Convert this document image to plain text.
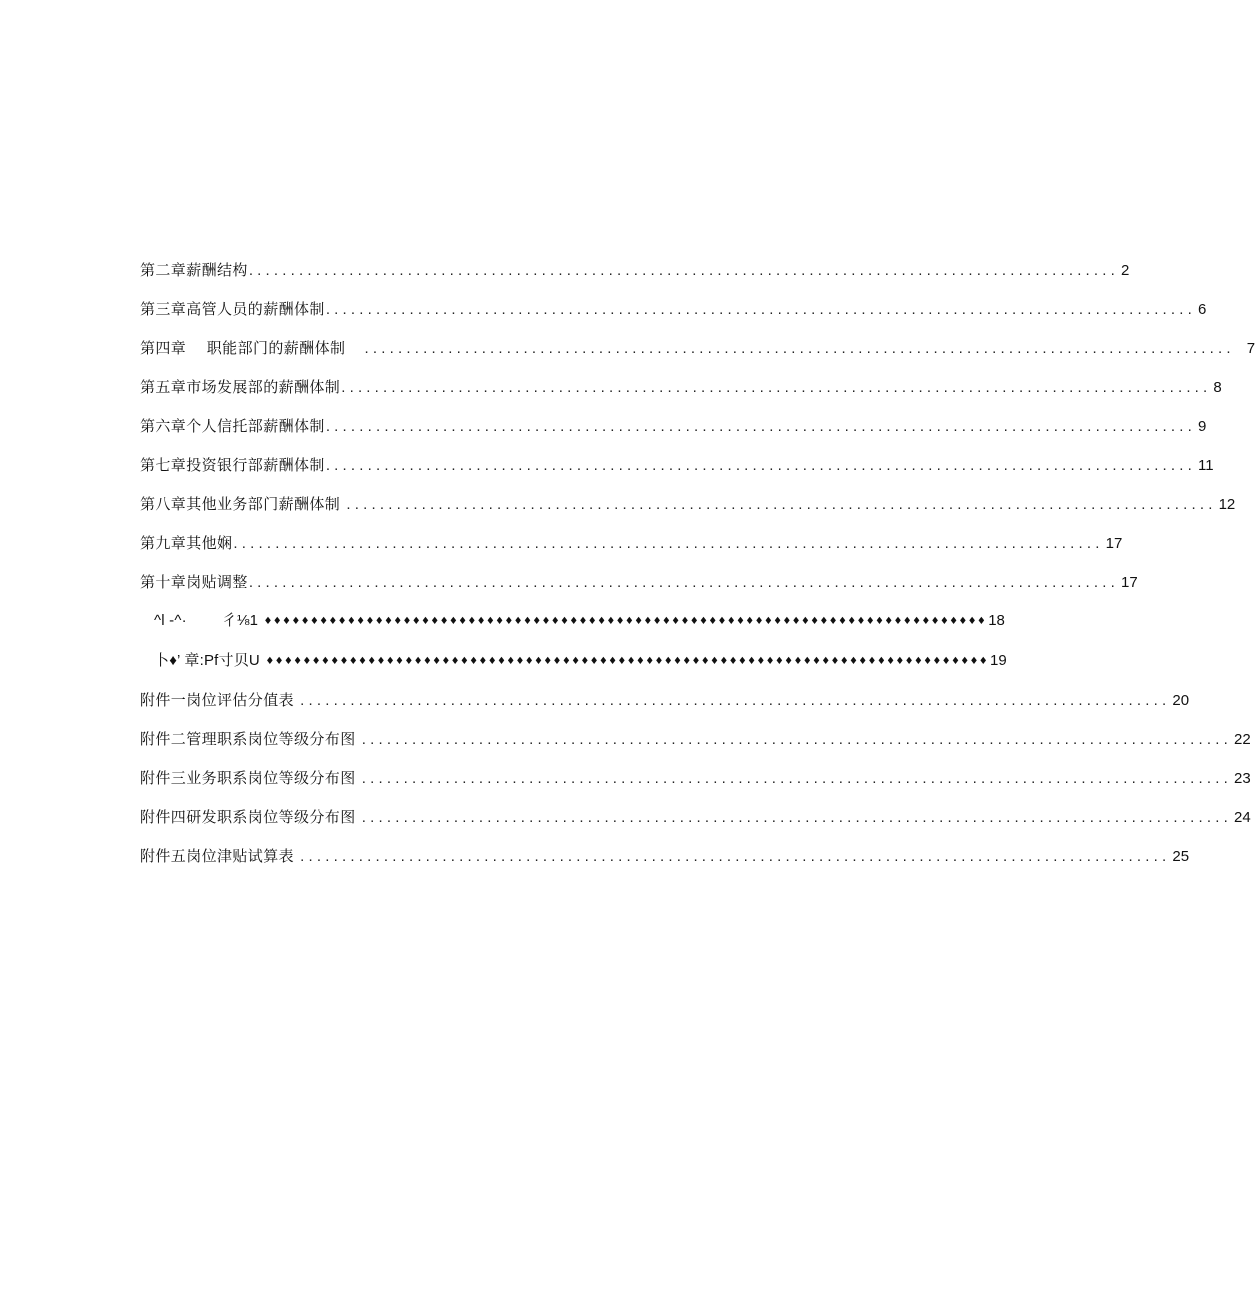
第二章薪酬结构 ........................................................................................................ 2
第三章高管人员的薪酬体制 ........................................................................................................ 6
第四章　 职能部门的薪酬体制 ........................................................................................................ 7
第五章市场发展部的薪酬体制 ........................................................................................................ 8
第六章个人信托部薪酬体制 ........................................................................................................ 9
第七章投资银行部薪酬体制 ........................................................................................................ 11
第八章其他业务部门薪酬体制 ........................................................................................................ 12
第九章其他娴 ........................................................................................................ 17
第十章岗贴调整 ........................................................................................................ 17
^l -^·        彳⅛1 ♦♦♦♦♦♦♦♦♦♦♦♦♦♦♦♦♦♦♦♦♦♦♦♦♦♦♦♦♦♦♦♦♦♦♦♦♦♦♦♦♦♦♦♦♦♦♦♦♦♦♦♦♦♦♦♦♦♦♦♦♦♦♦♦♦♦♦♦♦♦♦♦♦♦♦♦♦♦ 18
卜♦’ 章:Pf寸贝U ♦♦♦♦♦♦♦♦♦♦♦♦♦♦♦♦♦♦♦♦♦♦♦♦♦♦♦♦♦♦♦♦♦♦♦♦♦♦♦♦♦♦♦♦♦♦♦♦♦♦♦♦♦♦♦♦♦♦♦♦♦♦♦♦♦♦♦♦♦♦♦♦♦♦♦♦♦♦ 19
附件一岗位评估分值表 ........................................................................................................ 20
附件二管理职系岗位等级分布图 ........................................................................................................ 22
附件三业务职系岗位等级分布图 ........................................................................................................ 23
附件四研发职系岗位等级分布图 ........................................................................................................ 24
附件五岗位津贴试算表 ........................................................................................................ 25
